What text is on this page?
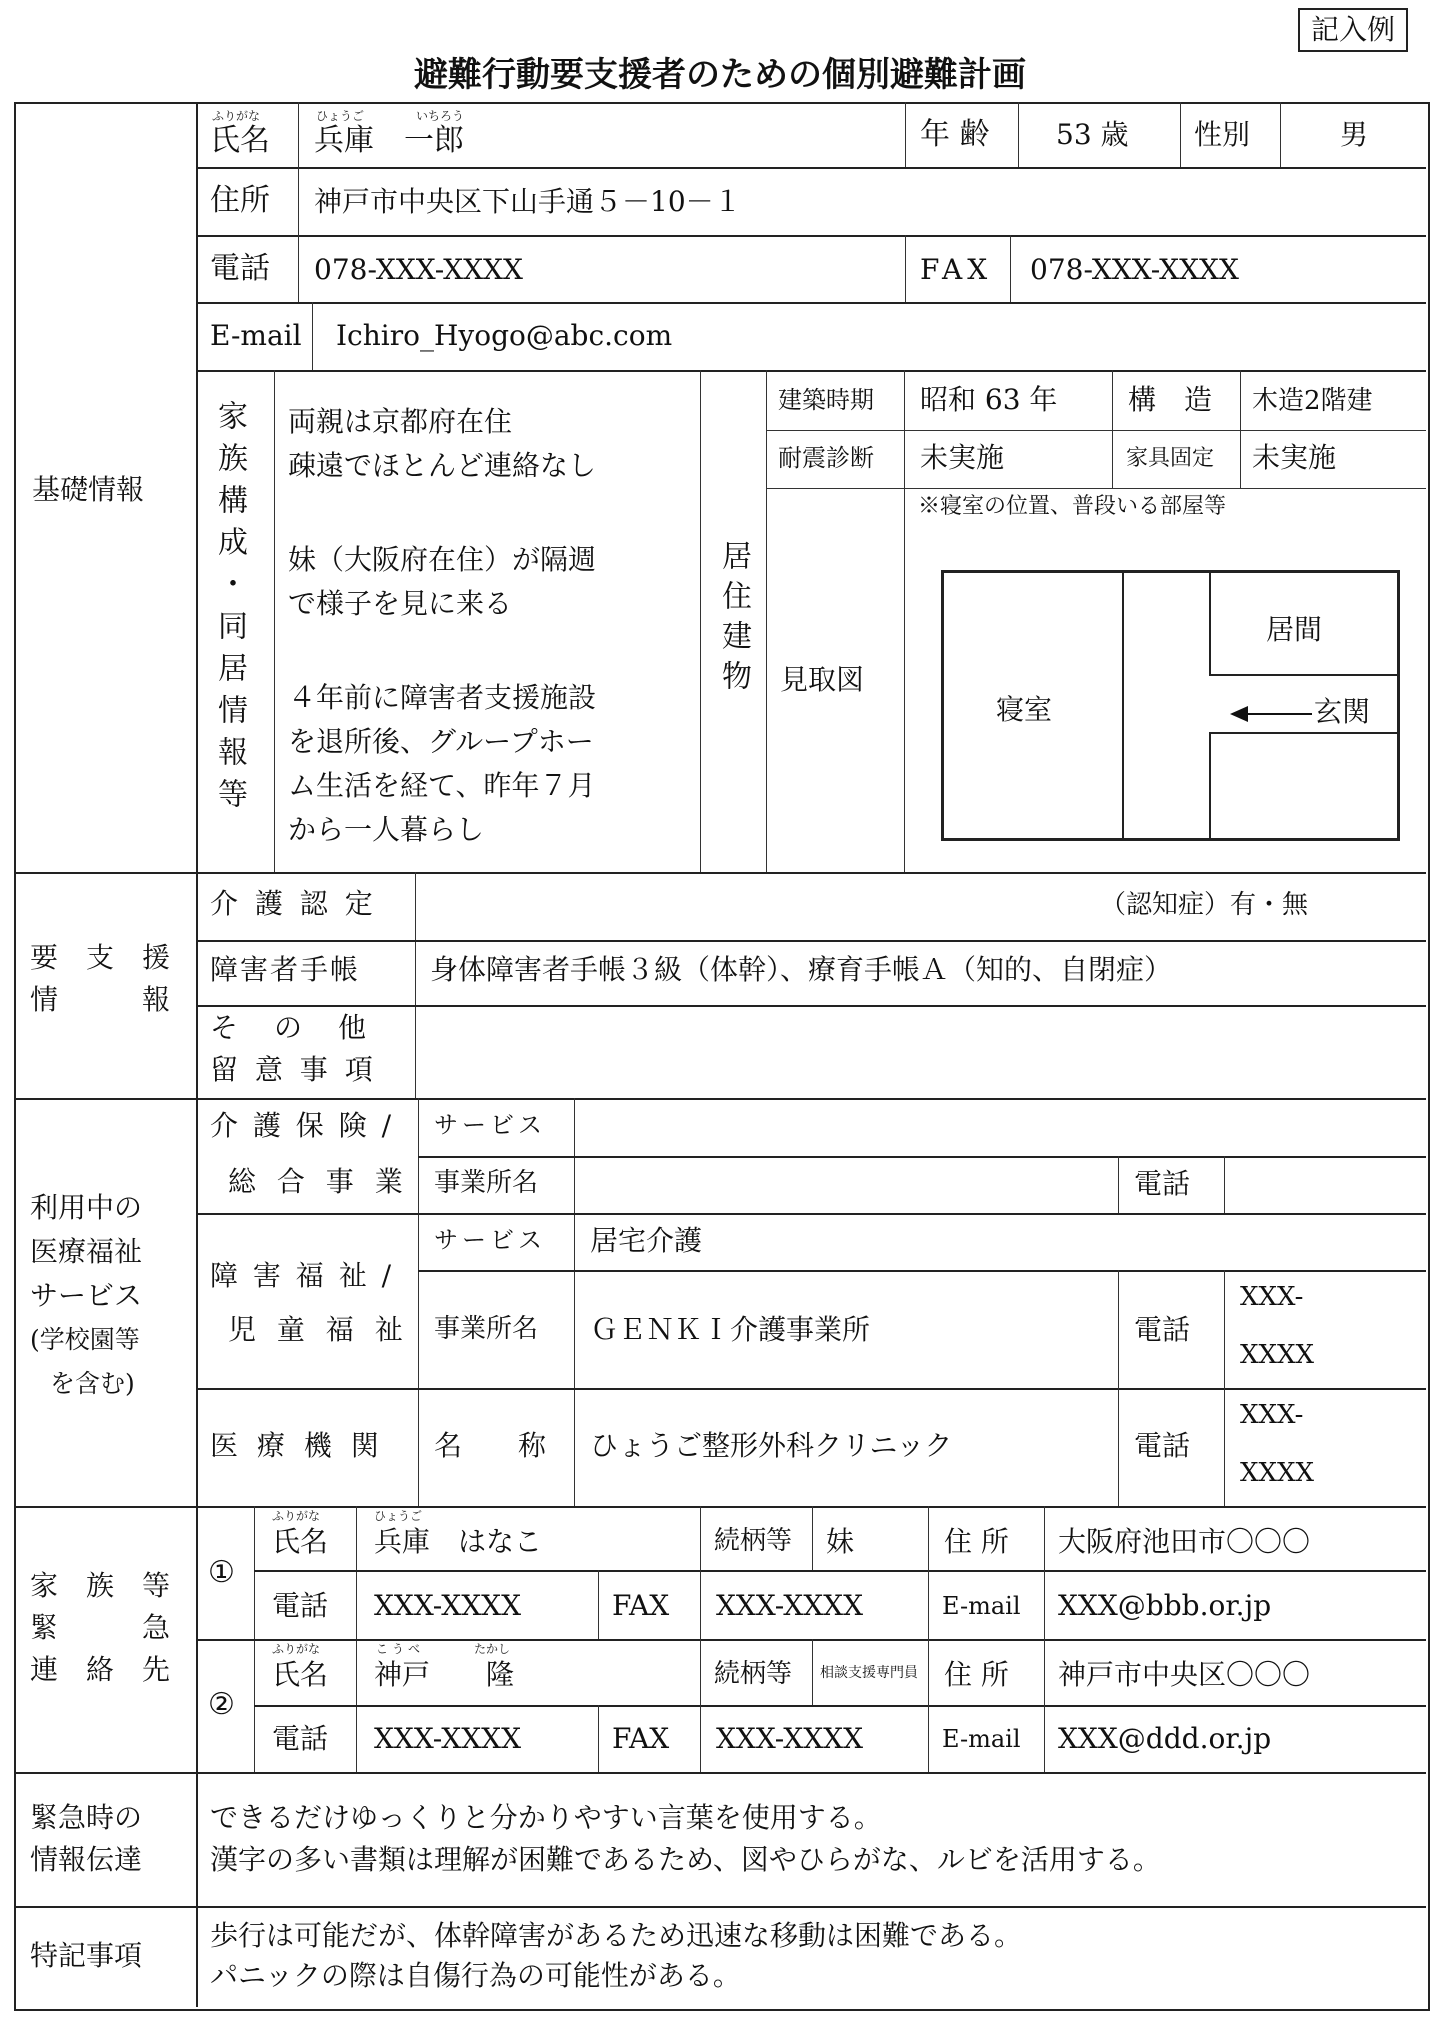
記入例
避難行動要支援者のための個別避難計画
基礎情報
ふりがな
氏名
ひょうご	いちろう
兵庫　一郎	年 齢 53 歳 性別	男
住所 神戸市中央区下山手通５－10－１
電話 078-XXX-XXXX	FAX 078-XXX-XXXX
E-mail Ichiro_Hyogo@abc.com
家族構成・同居情報等 両親は京都府在住
疎遠でほとんど連絡なし
妹（大阪府在住）が隔週
で様子を見に来る
４年前に障害者支援施設
を退所後、グループホー
ム生活を経て、昨年７月
から一人暮らし
居住建物
建築時期 昭和 63 年	構　造 木造2階建
耐震診断 未実施	家具固定 未実施
見取図
※寝室の位置、普段いる部屋等
寝室
居間
玄関
要　支　援
情　　　報
介 護 認 定	（認知症）有・無
障害者手帳 身体障害者手帳３級（体幹）、療育手帳Ａ（知的、自閉症）
そ　の　他
留 意 事 項
利用中の
医療福祉
サービス
(学校園等
を含む)
介 護 保 険 /
総 合 事 業
サービス
事業所名	電話
障 害 福 祉 /
児 童 福 祉
サービス 居宅介護
事業所名 ＧＥＮＫＩ介護事業所	電話
XXX-
XXXX
医 療 機 関 名　　称 ひょうご整形外科クリニック	電話
XXX-
XXXX
家　族　等
緊　　　急
連　絡　先
①
ふりがな
氏名
ひょうご
兵庫　はなこ	続柄等 妹	住 所 大阪府池田市〇〇〇
電話 XXX-XXXX	FAX XXX-XXXX	E-mail XXX@bbb.or.jp
②
ふりがな
氏名
こうべ	たかし
神戸　　隆	続柄等 相談支援専門員 住 所 神戸市中央区〇〇〇
電話 XXX-XXXX	FAX XXX-XXXX	E-mail XXX@ddd.or.jp
緊急時の
情報伝達
できるだけゆっくりと分かりやすい言葉を使用する。
漢字の多い書類は理解が困難であるため、図やひらがな、ルビを活用する。
特記事項
歩行は可能だが、体幹障害があるため迅速な移動は困難である。
パニックの際は自傷行為の可能性がある。
